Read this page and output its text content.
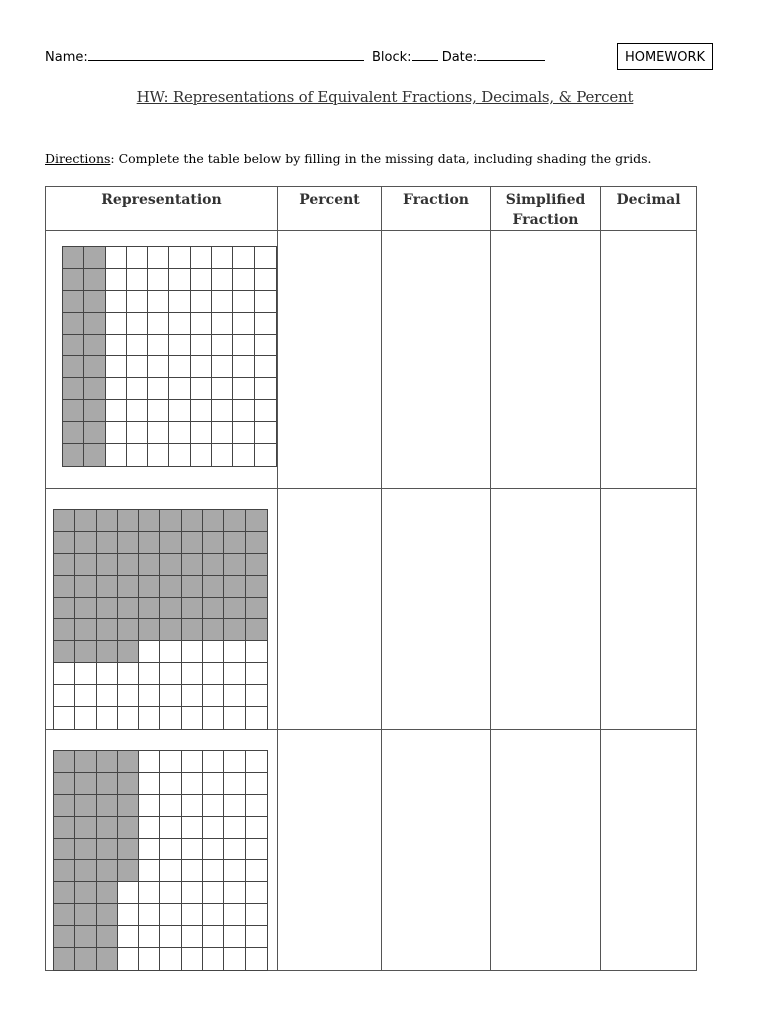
Name:	Block: Date:	HOMEWORK
HW: Representations of Equivalent Fractions, Decimals, & Percent
Directions: Complete the table below by filling in the missing data, including shading the grids.
Representation	Percent	Fraction	Simplified Fraction	Decimal
